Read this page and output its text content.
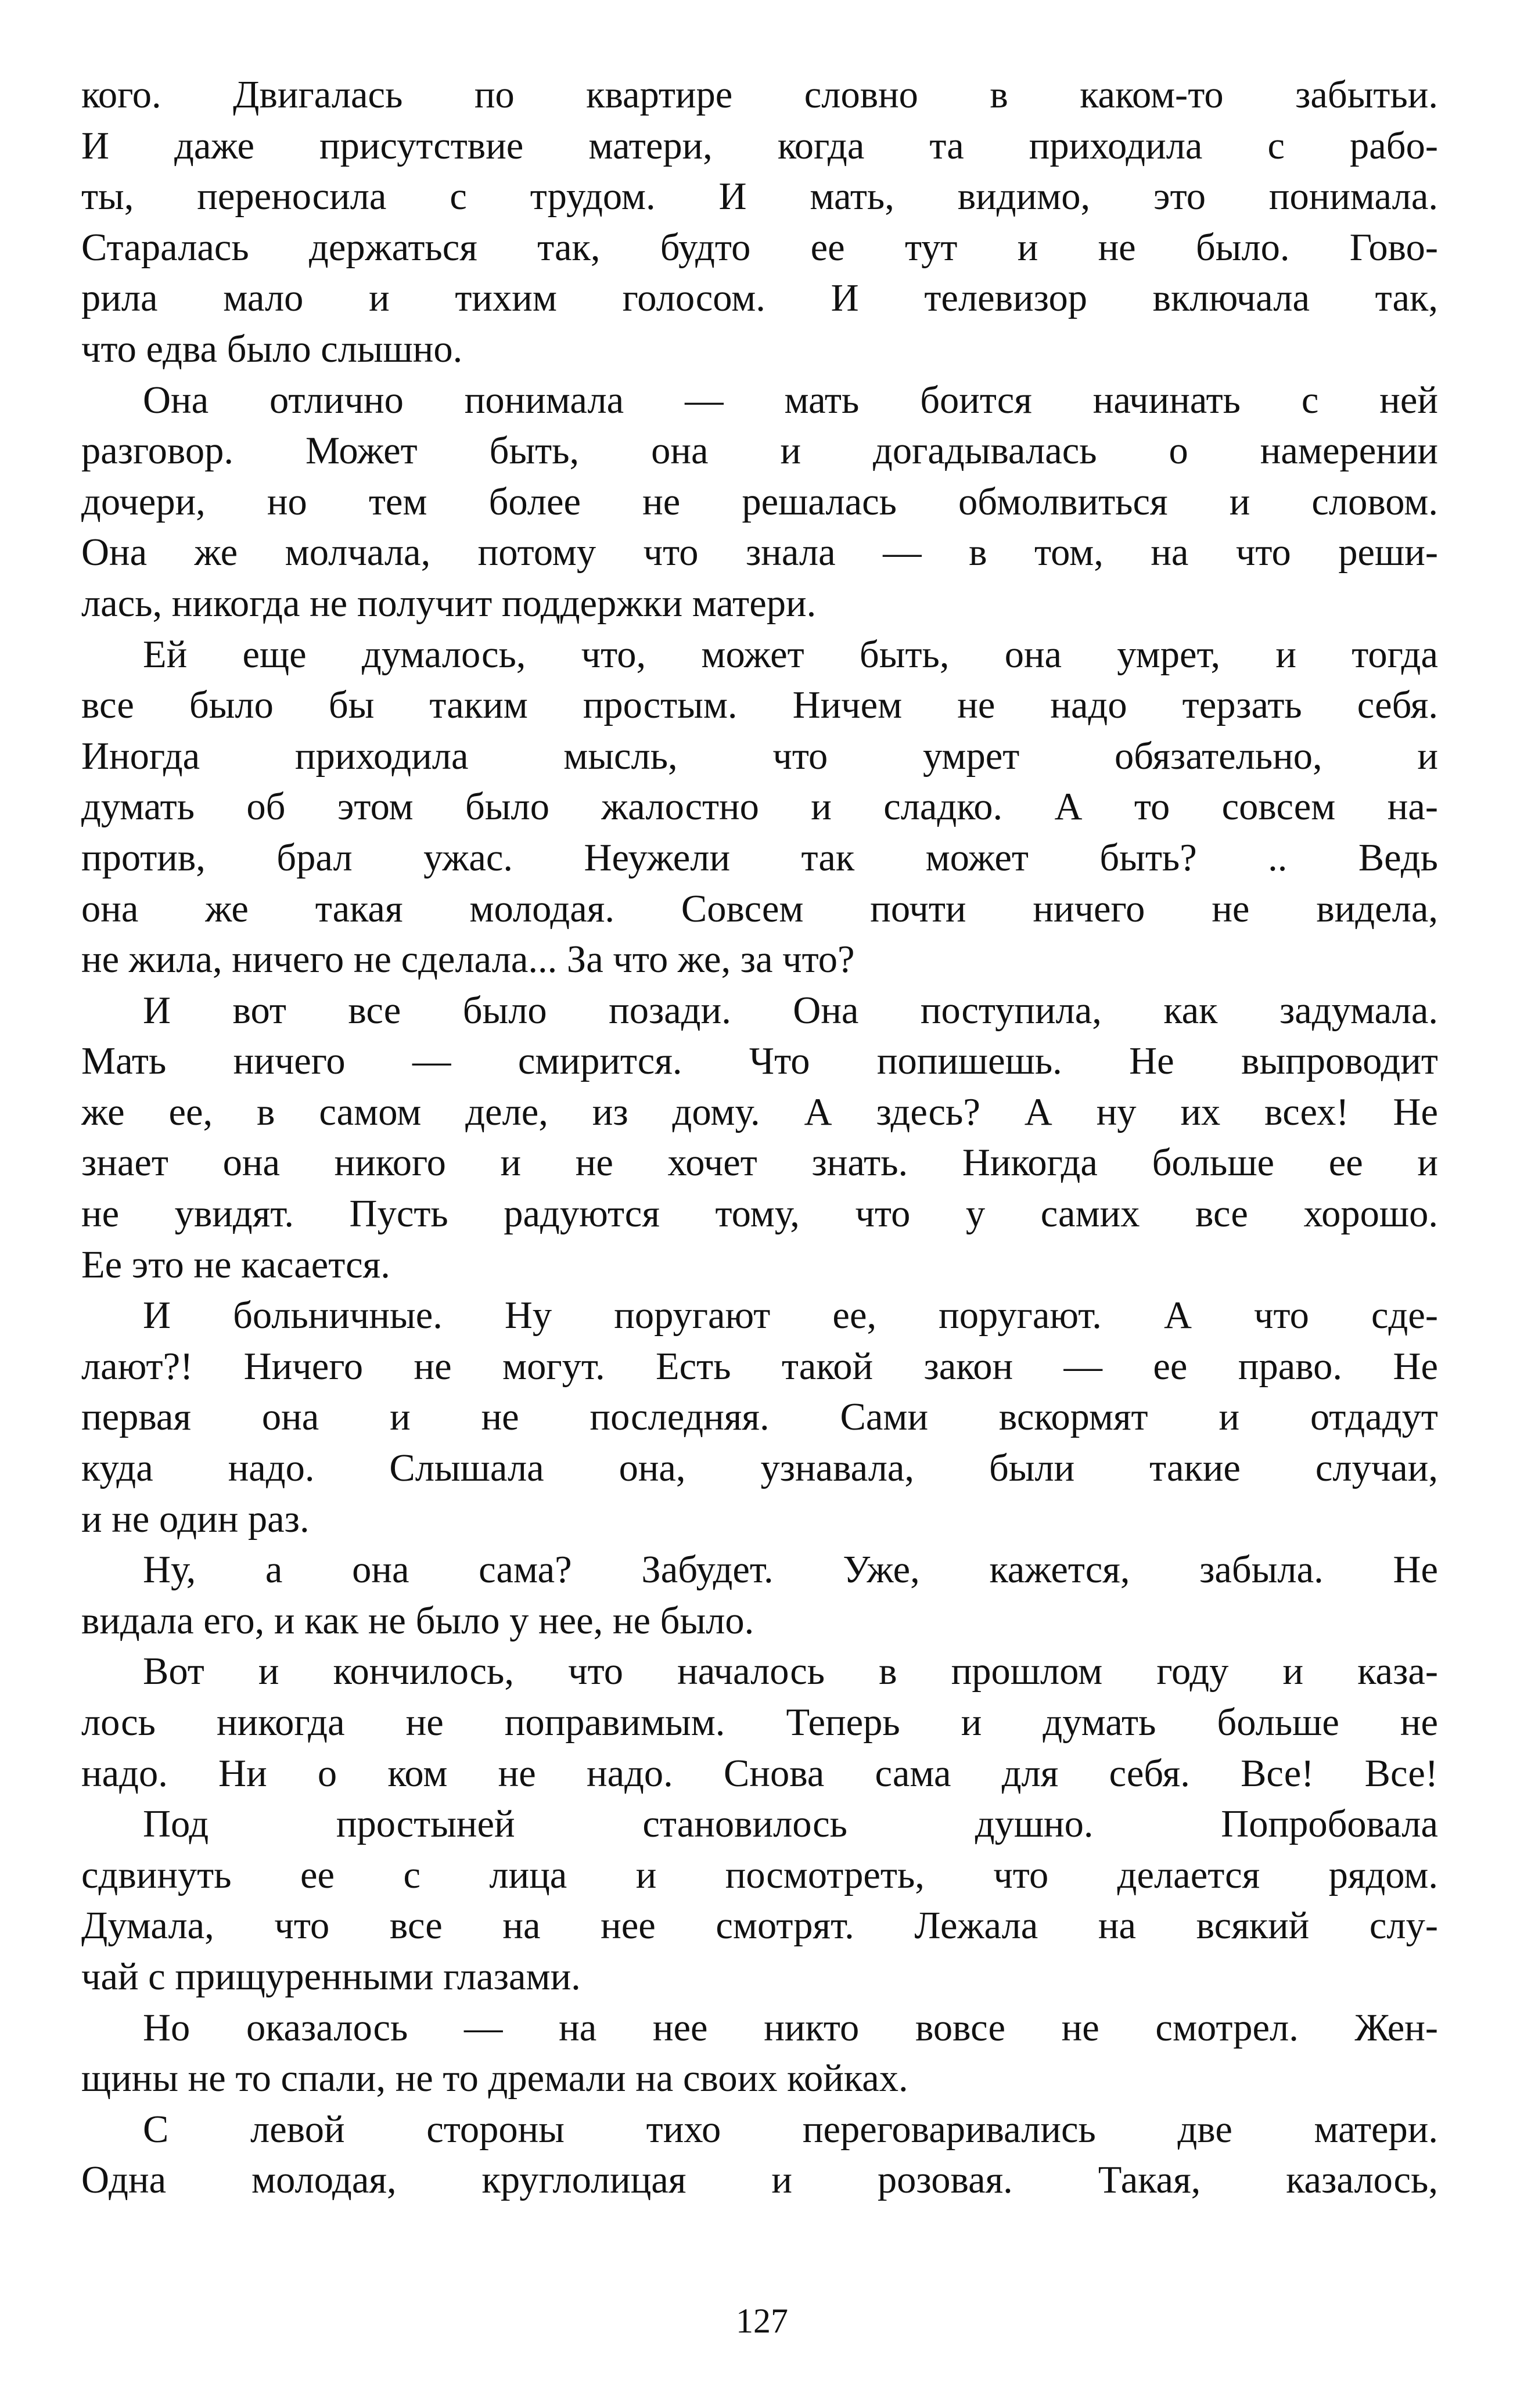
кого. Двигалась по квартире словно в каком-то забытьи.
И даже присутствие матери, когда та приходила с рабо-
ты, переносила с трудом. И мать, видимо, это понимала.
Старалась держаться так, будто ее тут и не было. Гово-
рила мало и тихим голосом. И телевизор включала так,
что едва было слышно.

Она отлично понимала — мать боится начинать с ней
разговор. Может быть, она и догадывалась о намерении
дочери, но тем более не решалась обмолвиться и словом.
Она же молчала, потому что знала — в том, на что реши-
лась, никогда не получит поддержки матери.

Ей еще думалось, что, может быть, она умрет, и тогда
все было бы таким простым. Ничем не надо терзать себя.
Иногда приходила мысль, что умрет обязательно, и
думать об этом было жалостно и сладко. А то совсем на-
против, брал ужас. Неужели так может быть? .. Ведь
она же такая молодая. Совсем почти ничего не видела,
не жила, ничего не сделала... За что же, за что?

И вот все было позади. Она поступила, как задумала.
Мать ничего — смирится. Что попишешь. Не выпроводит
же ее, в самом деле, из дому. А здесь? А ну их всех! Не
знает она никого и не хочет знать. Никогда больше ее и
не увидят. Пусть радуются тому, что у самих все хорошо.
Ее это не касается.

И больничные. Ну поругают ее, поругают. А что сде-
лают?! Ничего не могут. Есть такой закон — ее право. Не
первая она и не последняя. Сами вскормят и отдадут
куда надо. Слышала она, узнавала, были такие случаи,
и не один раз.

Ну, а она сама? Забудет. Уже, кажется, забыла. Не
видала его, и как не было у нее, не было.

Вот и кончилось, что началось в прошлом году и каза-
лось никогда не поправимым. Теперь и думать больше не
надо. Ни о ком не надо. Снова сама для себя. Все! Все!

Под простыней становилось душно. Попробовала
сдвинуть ее с лица и посмотреть, что делается рядом.
Думала, что все на нее смотрят. Лежала на всякий слу-
чай с прищуренными глазами.

Но оказалось — на нее никто вовсе не смотрел. Жен-
щины не то спали, не то дремали на своих койках.

С левой стороны тихо переговаривались две матери.
Одна молодая, круглолицая и розовая. Такая, казалось,

127
